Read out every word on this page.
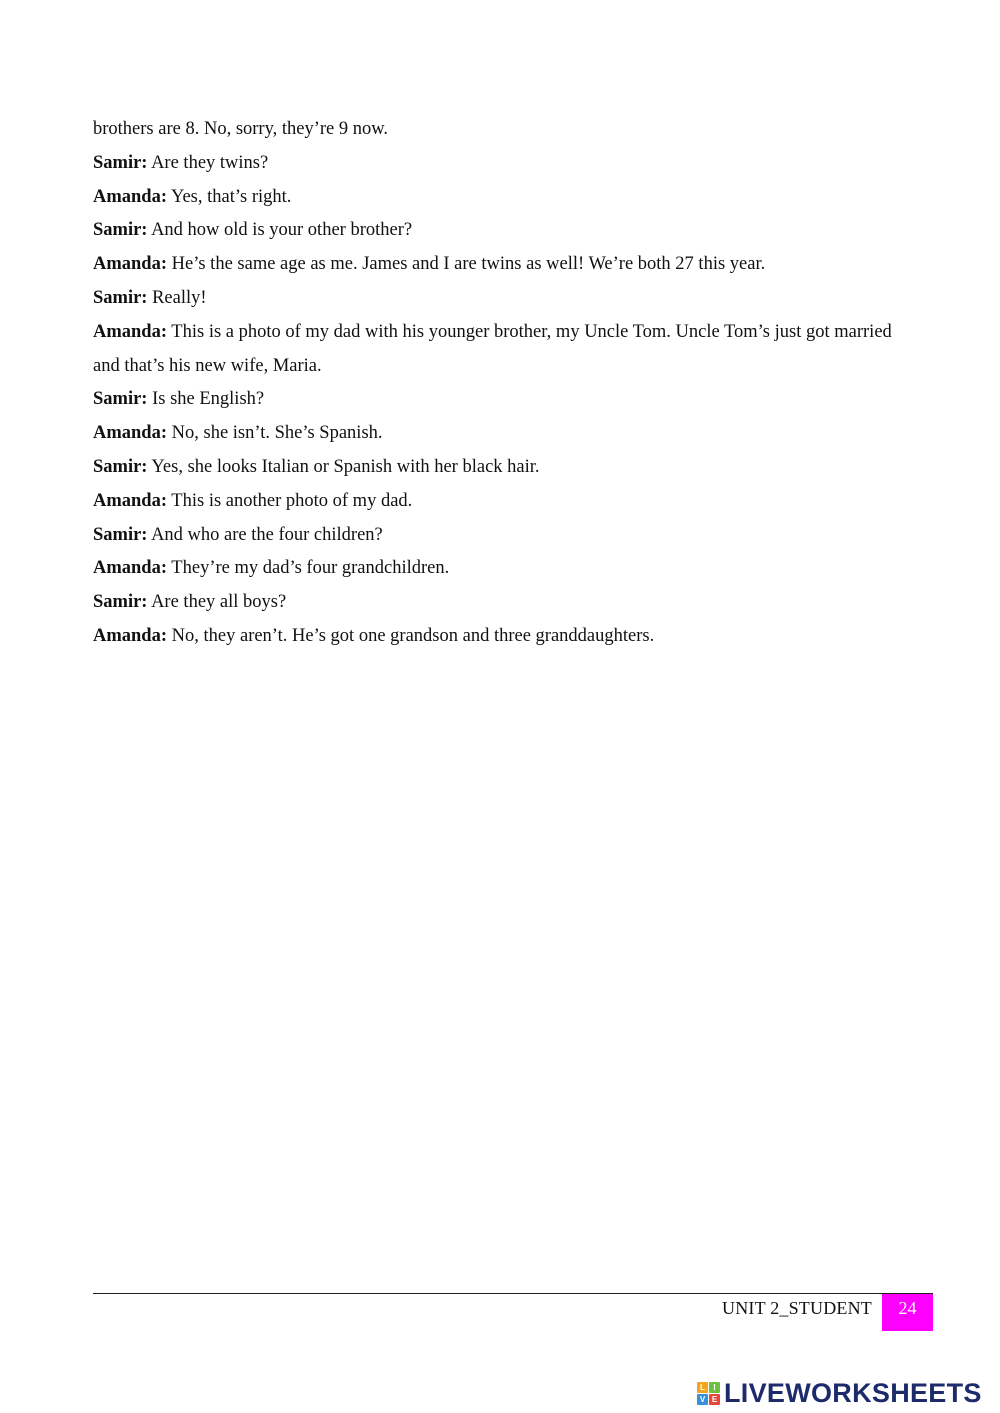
brothers are 8. No, sorry, they’re 9 now.

Samir: Are they twins?

Amanda: Yes, that’s right.

Samir: And how old is your other brother?

Amanda: He’s the same age as me. James and I are twins as well! We’re both 27 this year.

Samir: Really!

Amanda: This is a photo of my dad with his younger brother, my Uncle Tom. Uncle Tom’s just got married and that’s his new wife, Maria.

Samir: Is she English?

Amanda: No, she isn’t. She’s Spanish.

Samir: Yes, she looks Italian or Spanish with her black hair.

Amanda: This is another photo of my dad.

Samir: And who are the four children?

Amanda: They’re my dad’s four grandchildren.

Samir: Are they all boys?

Amanda: No, they aren’t. He’s got one grandson and three granddaughters.

UNIT 2_STUDENT	24
L	I
V E LIVEWORKSHEETS
